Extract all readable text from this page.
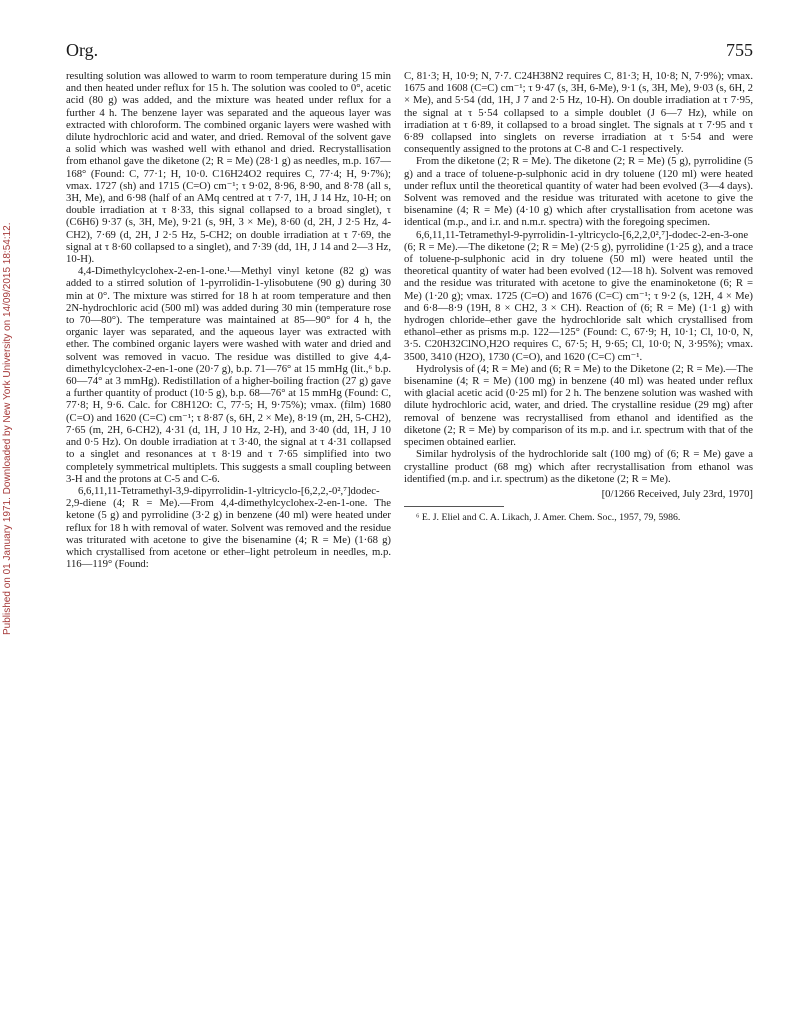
Org.	755
Published on 01 January 1971. Downloaded by New York University on 14/09/2015 18:54:12.

resulting solution was allowed to warm to room temperature during 15 min and then heated under reflux for 15 h. The solution was cooled to 0°, acetic acid (80 g) was added, and the mixture was heated under reflux for a further 4 h. The benzene layer was separated and the aqueous layer was extracted with chloroform. The combined organic layers were washed with dilute hydrochloric acid and water, and dried. Removal of the solvent gave a solid which was washed well with ethanol and dried. Recrystallisation from ethanol gave the diketone (2; R = Me) (28·1 g) as needles, m.p. 167—168° (Found: C, 77·1; H, 10·0. C16H24O2 requires C, 77·4; H, 9·7%); νmax. 1727 (sh) and 1715 (C=O) cm⁻¹; τ 9·02, 8·96, 8·90, and 8·78 (all s, 3H, Me), and 6·98 (half of an AMq centred at τ 7·7, 1H, J 14 Hz, 10-H; on double irradiation at τ 8·33, this signal collapsed to a broad singlet), τ (C6H6) 9·37 (s, 3H, Me), 9·21 (s, 9H, 3 × Me), 8·60 (d, 2H, J 2·5 Hz, 4-CH2), 7·69 (d, 2H, J 2·5 Hz, 5-CH2; on double irradiation at τ 7·69, the signal at τ 8·60 collapsed to a singlet), and 7·39 (dd, 1H, J 14 and 2—3 Hz, 10-H).

4,4-Dimethylcyclohex-2-en-1-one.¹—Methyl vinyl ketone (82 g) was added to a stirred solution of 1-pyrrolidin-1-ylisobutene (90 g) during 30 min at 0°. The mixture was stirred for 18 h at room temperature and then 2N-hydrochloric acid (500 ml) was added during 30 min (temperature rose to 70—80°). The temperature was maintained at 85—90° for 4 h, the organic layer was separated, and the aqueous layer was extracted with ether. The combined organic layers were washed with water and dried and solvent was removed in vacuo. The residue was distilled to give 4,4-dimethylcyclohex-2-en-1-one (20·7 g), b.p. 71—76° at 15 mmHg (lit.,⁶ b.p. 60—74° at 3 mmHg). Redistillation of a higher-boiling fraction (27 g) gave a further quantity of product (10·5 g), b.p. 68—76° at 15 mmHg (Found: C, 77·8; H, 9·6. Calc. for C8H12O: C, 77·5; H, 9·75%); νmax. (film) 1680 (C=O) and 1620 (C=C) cm⁻¹; τ 8·87 (s, 6H, 2 × Me), 8·19 (m, 2H, 5-CH2), 7·65 (m, 2H, 6-CH2), 4·31 (d, 1H, J 10 Hz, 2-H), and 3·40 (dd, 1H, J 10 and 0·5 Hz). On double irradiation at τ 3·40, the signal at τ 4·31 collapsed to a singlet and resonances at τ 8·19 and τ 7·65 simplified into two completely symmetrical multiplets. This suggests a small coupling between 3-H and the protons at C-5 and C-6.

6,6,11,11-Tetramethyl-3,9-dipyrrolidin-1-yltricyclo-[6,2,2,-0²,⁷]dodec-2,9-diene (4; R = Me).—From 4,4-dimethylcyclohex-2-en-1-one. The ketone (5 g) and pyrrolidine (3·2 g) in benzene (40 ml) were heated under reflux for 18 h with removal of water. Solvent was removed and the residue was triturated with acetone to give the bisenamine (4; R = Me) (1·68 g) which crystallised from acetone or ether–light petroleum in needles, m.p. 116—119° (Found:

C, 81·3; H, 10·9; N, 7·7. C24H38N2 requires C, 81·3; H, 10·8; N, 7·9%); νmax. 1675 and 1608 (C=C) cm⁻¹; τ 9·47 (s, 3H, 6-Me), 9·1 (s, 3H, Me), 9·03 (s, 6H, 2 × Me), and 5·54 (dd, 1H, J 7 and 2·5 Hz, 10-H). On double irradiation at τ 7·95, the signal at τ 5·54 collapsed to a simple doublet (J 6—7 Hz), while on irradiation at τ 6·89, it collapsed to a broad singlet. The signals at τ 7·95 and τ 6·89 collapsed into singlets on reverse irradiation at τ 5·54 and were consequently assigned to the protons at C-8 and C-1 respectively.

From the diketone (2; R = Me). The diketone (2; R = Me) (5 g), pyrrolidine (5 g) and a trace of toluene-p-sulphonic acid in dry toluene (120 ml) were heated under reflux until the theoretical quantity of water had been evolved (3—4 days). Solvent was removed and the residue was triturated with acetone to give the bisenamine (4; R = Me) (4·10 g) which after crystallisation from acetone was identical (m.p., and i.r. and n.m.r. spectra) with the foregoing specimen.

6,6,11,11-Tetramethyl-9-pyrrolidin-1-yltricyclo-[6,2,2,0²,⁷]-dodec-2-en-3-one (6; R = Me).—The diketone (2; R = Me) (2·5 g), pyrrolidine (1·25 g), and a trace of toluene-p-sulphonic acid in dry toluene (50 ml) were heated until the theoretical quantity of water had been evolved (12—18 h). Solvent was removed and the residue was triturated with acetone to give the enaminoketone (6; R = Me) (1·20 g); νmax. 1725 (C=O) and 1676 (C=C) cm⁻¹; τ 9·2 (s, 12H, 4 × Me) and 6·8—8·9 (19H, 8 × CH2, 3 × CH). Reaction of (6; R = Me) (1·1 g) with hydrogen chloride–ether gave the hydrochloride salt which crystallised from ethanol–ether as prisms m.p. 122—125° (Found: C, 67·9; H, 10·1; Cl, 10·0, N, 3·5. C20H32ClNO,H2O requires C, 67·5; H, 9·65; Cl, 10·0; N, 3·95%); νmax. 3500, 3410 (H2O), 1730 (C=O), and 1620 (C=C) cm⁻¹.

Hydrolysis of (4; R = Me) and (6; R = Me) to the Diketone (2; R = Me).—The bisenamine (4; R = Me) (100 mg) in benzene (40 ml) was heated under reflux with glacial acetic acid (0·25 ml) for 2 h. The benzene solution was washed with dilute hydrochloric acid, water, and dried. The crystalline residue (29 mg) after removal of benzene was recrystallised from ethanol and identified as the diketone (2; R = Me) by comparison of its m.p. and i.r. spectrum with that of the specimen obtained earlier.

Similar hydrolysis of the hydrochloride salt (100 mg) of (6; R = Me) gave a crystalline product (68 mg) which after recrystallisation from ethanol was identified (m.p. and i.r. spectrum) as the diketone (2; R = Me).

[0/1266 Received, July 23rd, 1970]

⁶ E. J. Eliel and C. A. Likach, J. Amer. Chem. Soc., 1957, 79, 5986.
